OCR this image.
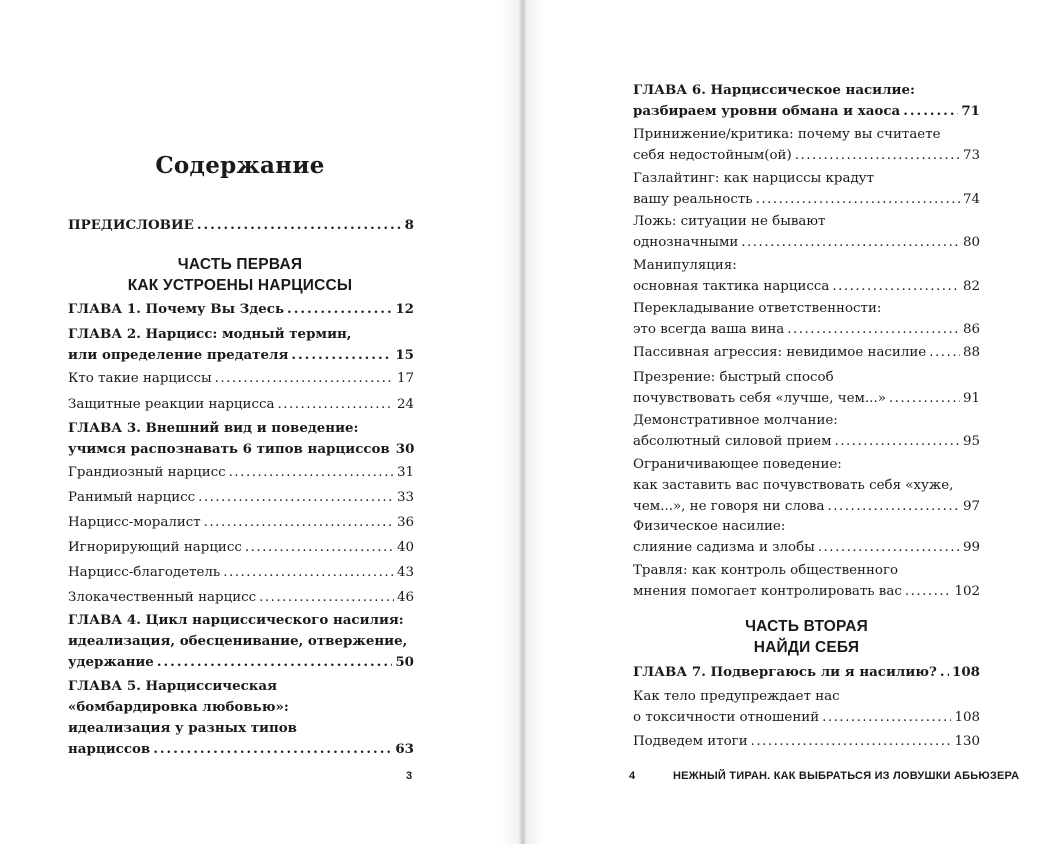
Содержание
ПРЕДИСЛОВИЕ .....	8
ЧАСТЬ ПЕРВАЯ
КАК УСТРОЕНЫ НАРЦИССЫ
ГЛАВА 1. Почему Вы Здесь .....	12
ГЛАВА 2. Нарцисс: модный термин,
или определение предателя .....	15
Кто такие нарциссы .....	17
Защитные реакции нарцисса .....	24
ГЛАВА 3. Внешний вид и поведение:
учимся распознавать 6 типов нарциссов 30
Грандиозный нарцисс .....	31
Ранимый нарцисс .....	33
Нарцисс-моралист .....	36
Игнорирующий нарцисс .....	40
Нарцисс-благодетель .....	43
Злокачественный нарцисс .....	46
ГЛАВА 4. Цикл нарциссического насилия:
идеализация, обесценивание, отвержение,
удержание .....	50
ГЛАВА 5. Нарциссическая
«бомбардировка любовью»:
идеализация у разных типов
нарциссов .....	63
3
ГЛАВА 6. Нарциссическое насилие:
разбираем уровни обмана и хаоса .....	71
Принижение/критика: почему вы считаете
себя недостойным(ой) .....	73
Газлайтинг: как нарциссы крадут
вашу реальность .....	74
Ложь: ситуации не бывают
однозначными .....	80
Манипуляция:
основная тактика нарцисса .....	82
Перекладывание ответственности:
это всегда ваша вина .....	86
Пассивная агрессия: невидимое насилие .....	88
Презрение: быстрый способ
почувствовать себя «лучше, чем...» .....	91
Демонстративное молчание:
абсолютный силовой прием .....	95
Ограничивающее поведение:
как заставить вас почувствовать себя «хуже,
чем...», не говоря ни слова .....	97
Физическое насилие:
слияние садизма и злобы .....	99
Травля: как контроль общественного
мнения помогает контролировать вас .....	102
ЧАСТЬ ВТОРАЯ
НАЙДИ СЕБЯ
ГЛАВА 7. Подвергаюсь ли я насилию? ..... 108
Как тело предупреждает нас
о токсичности отношений .....	108
Подведем итоги .....	130
4	НЕЖНЫЙ ТИРАН. КАК ВЫБРАТЬСЯ ИЗ ЛОВУШКИ АБЬЮЗЕРА
